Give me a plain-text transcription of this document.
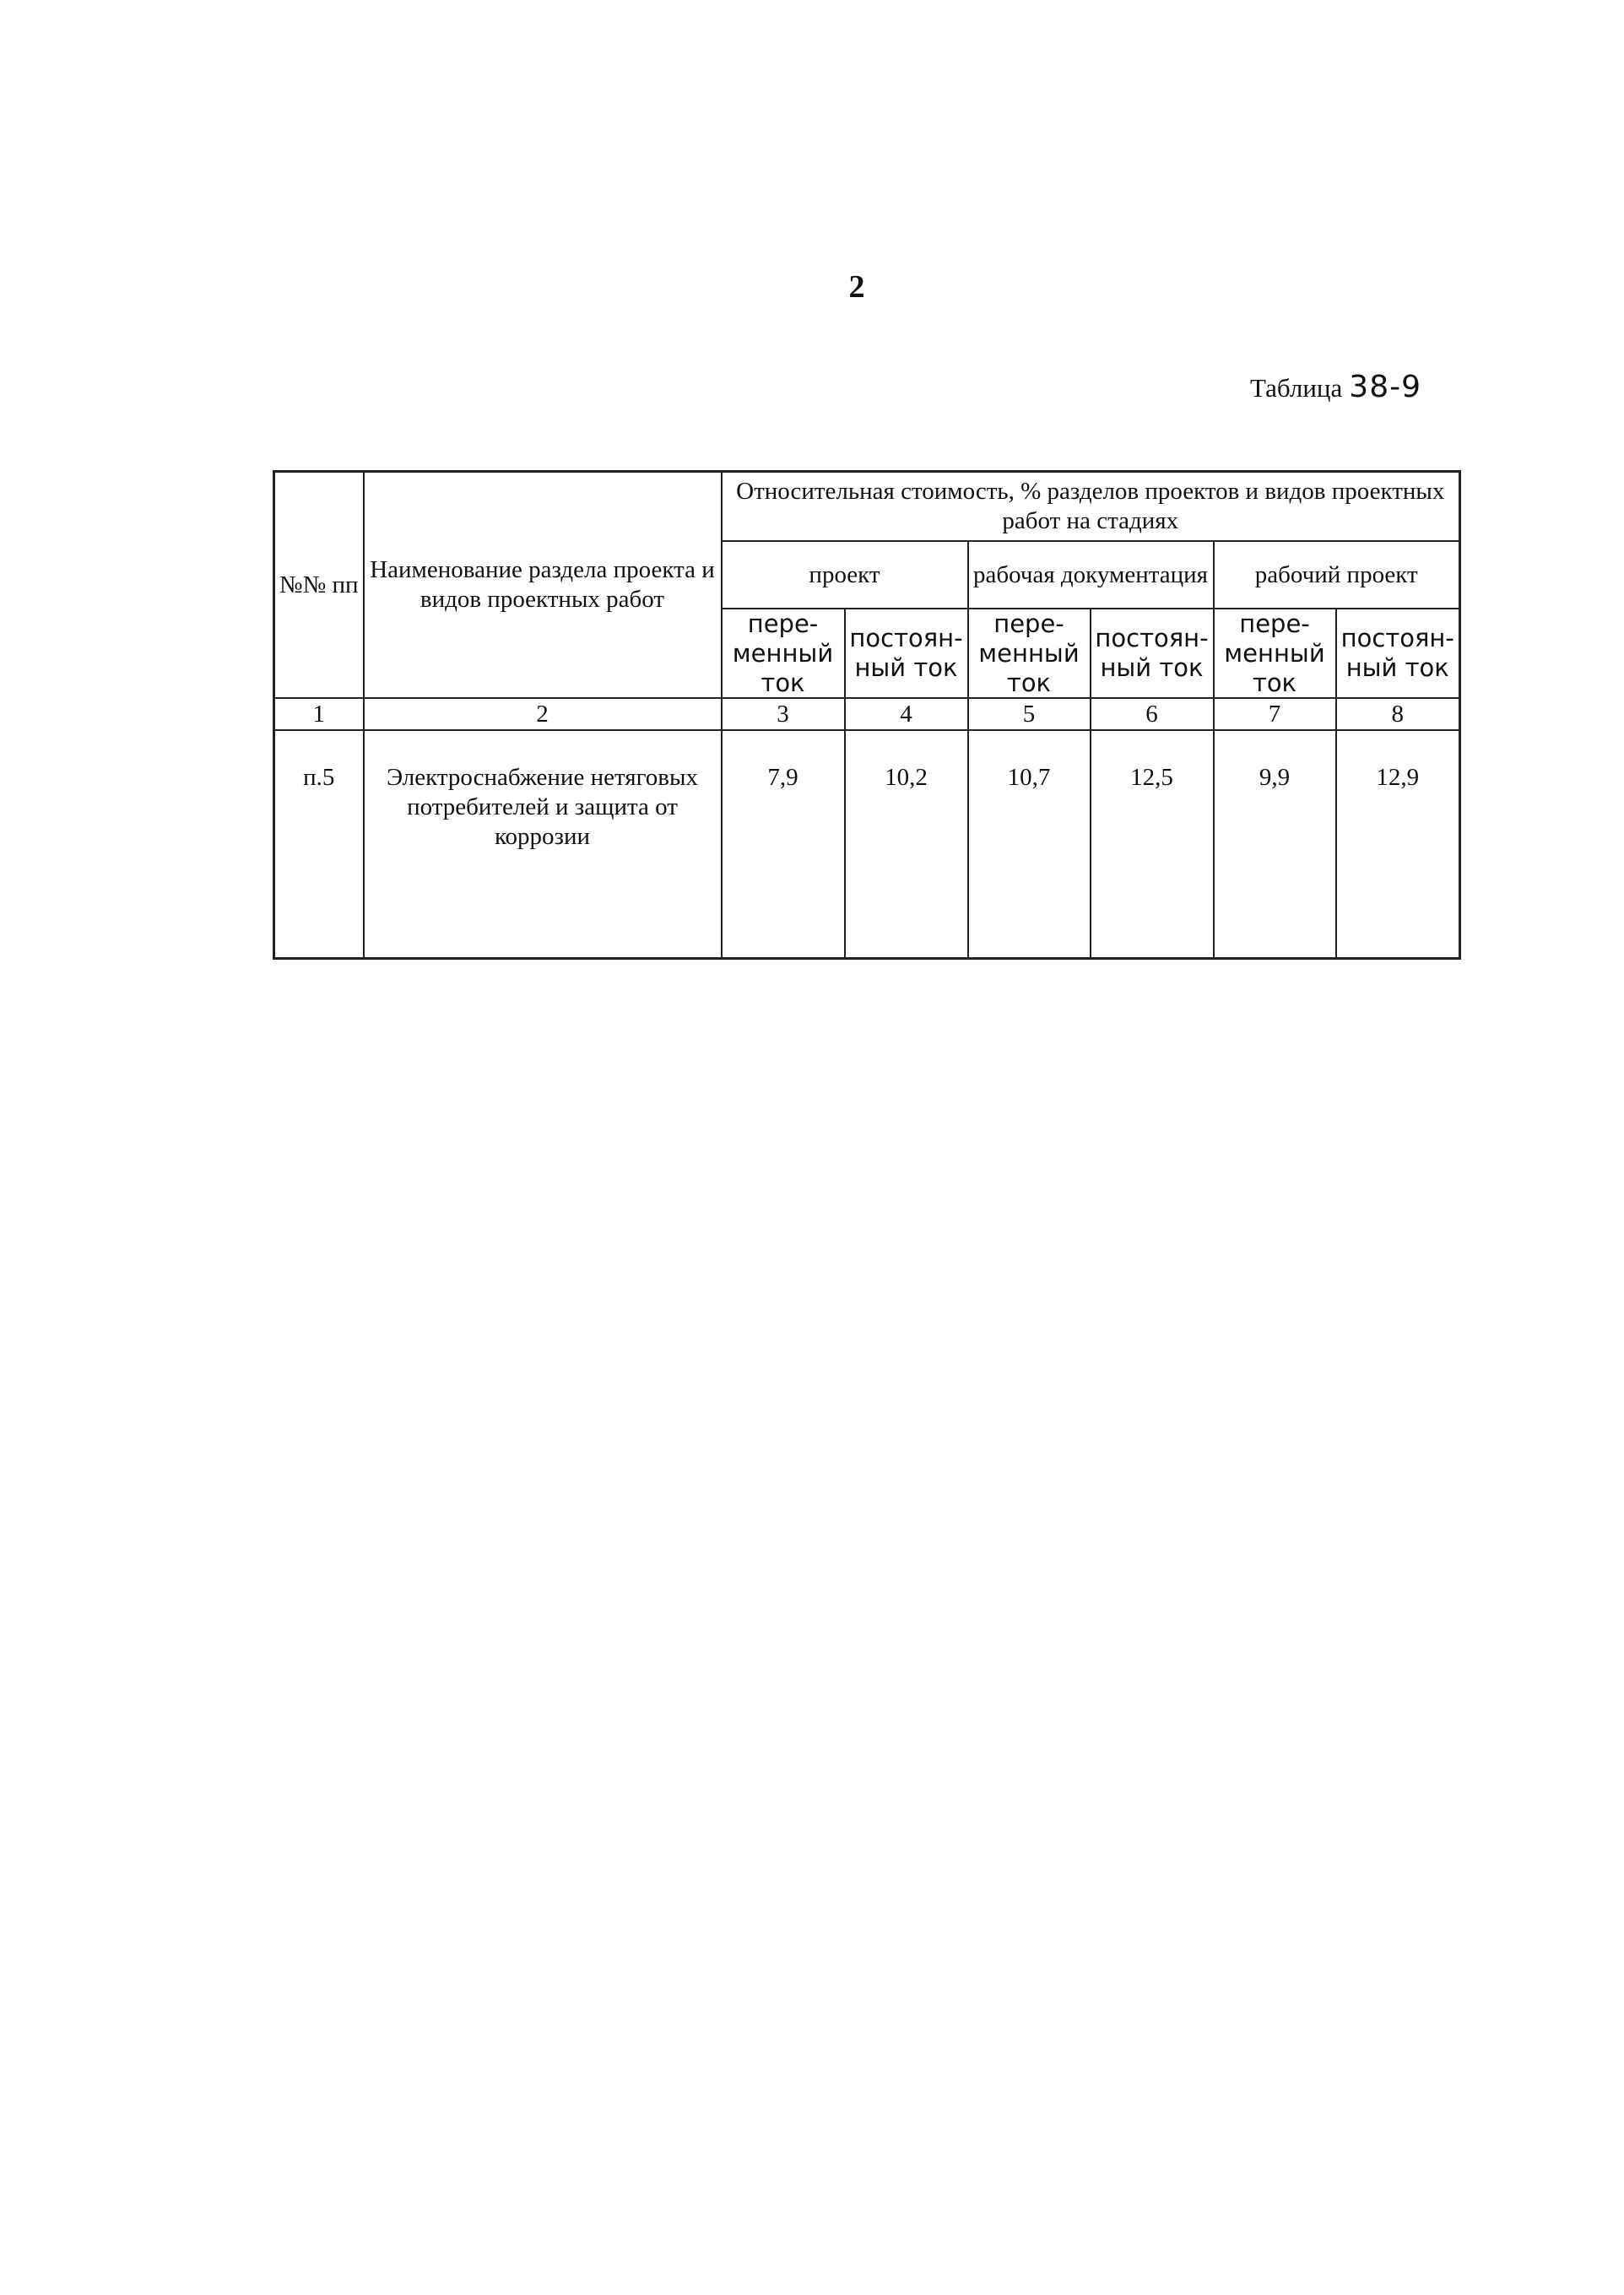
2
Таблица 38-9
№№ пп	Наименование раздела проекта и видов проектных работ	Относительная стоимость, % разделов проектов и видов проектных работ на стадиях					
		проект		рабочая документация		рабочий проект	
		пере- менный ток	постоян- ный ток	пере- менный ток	постоян- ный ток	пере- менный ток	постоян- ный ток
1	2	3	4	5	6	7	8
п.5	Электроснабжение нетяговых потребителей и защита от коррозии	7,9	10,2	10,7	12,5	9,9	12,9
